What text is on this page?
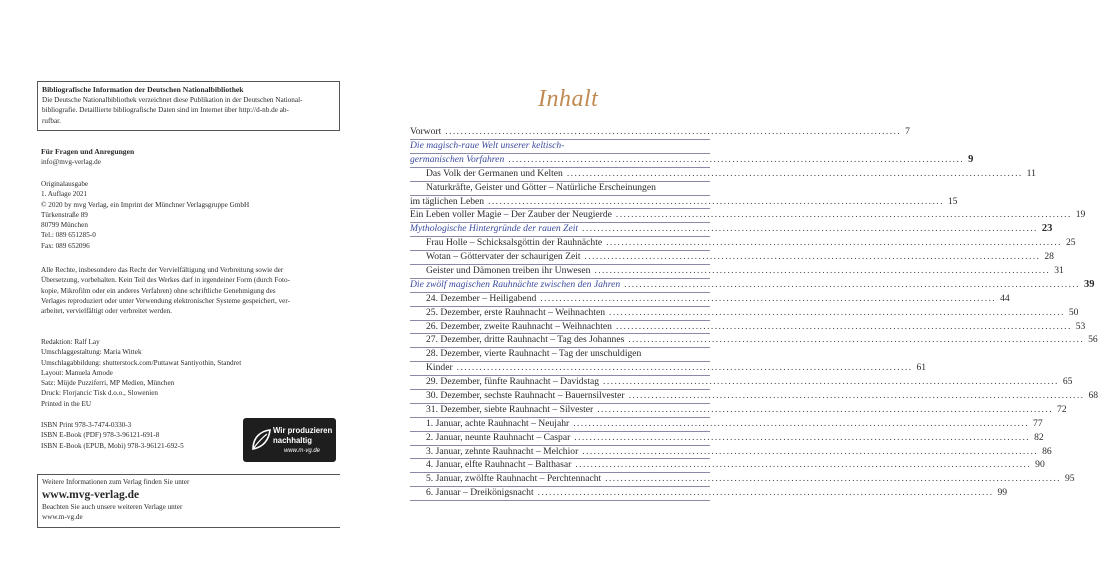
Bibliografische Information der Deutschen Nationalbibliothek
Die Deutsche Nationalbibliothek verzeichnet diese Publikation in der Deutschen National-
bibliografie. Detaillierte bibliografische Daten sind im Internet über http://d-nb.de ab-
rufbar.

Für Fragen und Anregungen

info@mvg-verlag.de

Originalausgabe

1. Auflage 2021

© 2020 by mvg Verlag, ein Imprint der Münchner Verlagsgruppe GmbH

Türkenstraße 89

80799 München

Tel.: 089 651285-0

Fax: 089 652096

Alle Rechte, insbesondere das Recht der Vervielfältigung und Verbreitung sowie der

Übersetzung, vorbehalten. Kein Teil des Werkes darf in irgendeiner Form (durch Foto-

kopie, Mikrofilm oder ein anderes Verfahren) ohne schriftliche Genehmigung des

Verlages reproduziert oder unter Verwendung elektronischer Systeme gespeichert, ver-

arbeitet, vervielfältigt oder verbreitet werden.

Redaktion: Ralf Lay

Umschlaggestaltung: Maria Wittek

Umschlagabbildung: shutterstock.com/Puttawat Santiyothin, Standret

Layout: Manuela Amode

Satz: Müjde Puzziferri, MP Medien, München

Druck: Florjancic Tisk d.o.o., Slowenien

Printed in the EU

ISBN Print 978-3-7474-0330-3

ISBN E-Book (PDF) 978-3-96121-691-8

ISBN E-Book (EPUB, Mobi) 978-3-96121-692-5

Wir produzieren
nachhaltig
www.m-vg.de
Weitere Informationen zum Verlag finden Sie unter
www.mvg-verlag.de
Beachten Sie auch unsere weiteren Verlage unter
www.m-vg.de
Inhalt
Vorwort ........................................................................................................................ 7
Die magisch-raue Welt unserer keltisch-
germanischen Vorfahren ........................................................................................................................ 9
Das Volk der Germanen und Kelten ........................................................................................................................ 11
Naturkräfte, Geister und Götter – Natürliche Erscheinungen
im täglichen Leben ........................................................................................................................ 15
Ein Leben voller Magie – Der Zauber der Neugierde ........................................................................................................................ 19
Mythologische Hintergründe der rauen Zeit ........................................................................................................................ 23
Frau Holle – Schicksalsgöttin der Rauhnächte ........................................................................................................................ 25
Wotan – Göttervater der schaurigen Zeit ........................................................................................................................ 28
Geister und Dämonen treiben ihr Unwesen ........................................................................................................................ 31
Die zwölf magischen Rauhnächte zwischen den Jahren ........................................................................................................................ 39
24. Dezember – Heiligabend ........................................................................................................................ 44
25. Dezember, erste Rauhnacht – Weihnachten ........................................................................................................................ 50
26. Dezember, zweite Rauhnacht – Weihnachten ........................................................................................................................ 53
27. Dezember, dritte Rauhnacht – Tag des Johannes ........................................................................................................................ 56
28. Dezember, vierte Rauhnacht – Tag der unschuldigen
Kinder ........................................................................................................................ 61
29. Dezember, fünfte Rauhnacht – Davidstag ........................................................................................................................ 65
30. Dezember, sechste Rauhnacht – Bauernsilvester ........................................................................................................................ 68
31. Dezember, siebte Rauhnacht – Silvester ........................................................................................................................ 72
1. Januar, achte Rauhnacht – Neujahr ........................................................................................................................ 77
2. Januar, neunte Rauhnacht – Caspar ........................................................................................................................ 82
3. Januar, zehnte Rauhnacht – Melchior ........................................................................................................................ 86
4. Januar, elfte Rauhnacht – Balthasar ........................................................................................................................ 90
5. Januar, zwölfte Rauhnacht – Perchtennacht ........................................................................................................................ 95
6. Januar – Dreikönigsnacht ........................................................................................................................ 99
